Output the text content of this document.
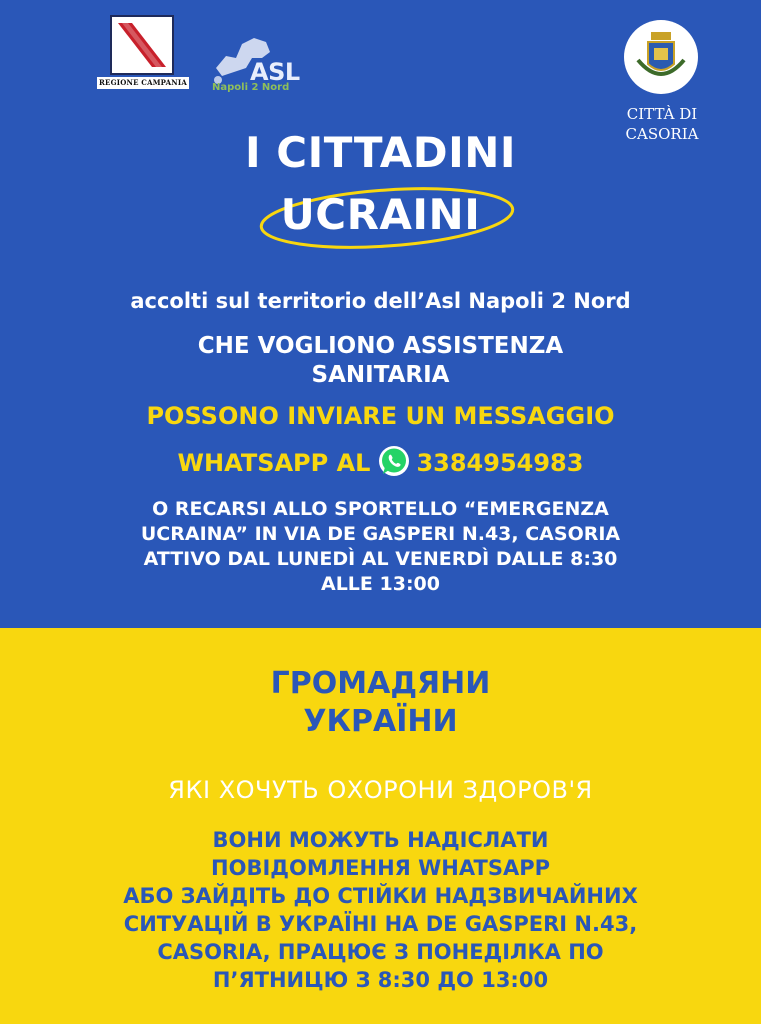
REGIONE CAMPANIA	ASL
Napoli 2 Nord
CITTÀ DI
CASORIA
I CITTADINI
UCRAINI
accolti sul territorio dell’Asl Napoli 2 Nord
CHE VOGLIONO ASSISTENZA
SANITARIA
POSSONO INVIARE UN MESSAGGIO
WHATSAPP AL 3384954983
O RECARSI ALLO SPORTELLO “EMERGENZA
UCRAINA” IN VIA DE GASPERI N.43, CASORIA
ATTIVO DAL LUNEDÌ AL VENERDÌ DALLE 8:30
ALLE 13:00
ГРОМАДЯНИ
УКРАЇНИ
ЯКІ ХОЧУТЬ ОХОРОНИ ЗДОРОВ'Я
ВОНИ МОЖУТЬ НАДІСЛАТИ
ПОВІДОМЛЕННЯ WHATSAPP
АБО ЗАЙДІТЬ ДО СТІЙКИ НАДЗВИЧАЙНИХ
СИТУАЦІЙ В УКРАЇНІ НА DE GASPERI N.43,
CASORIA, ПРАЦЮЄ З ПОНЕДІЛКА ПО
П’ЯТНИЦЮ З 8:30 ДО 13:00
